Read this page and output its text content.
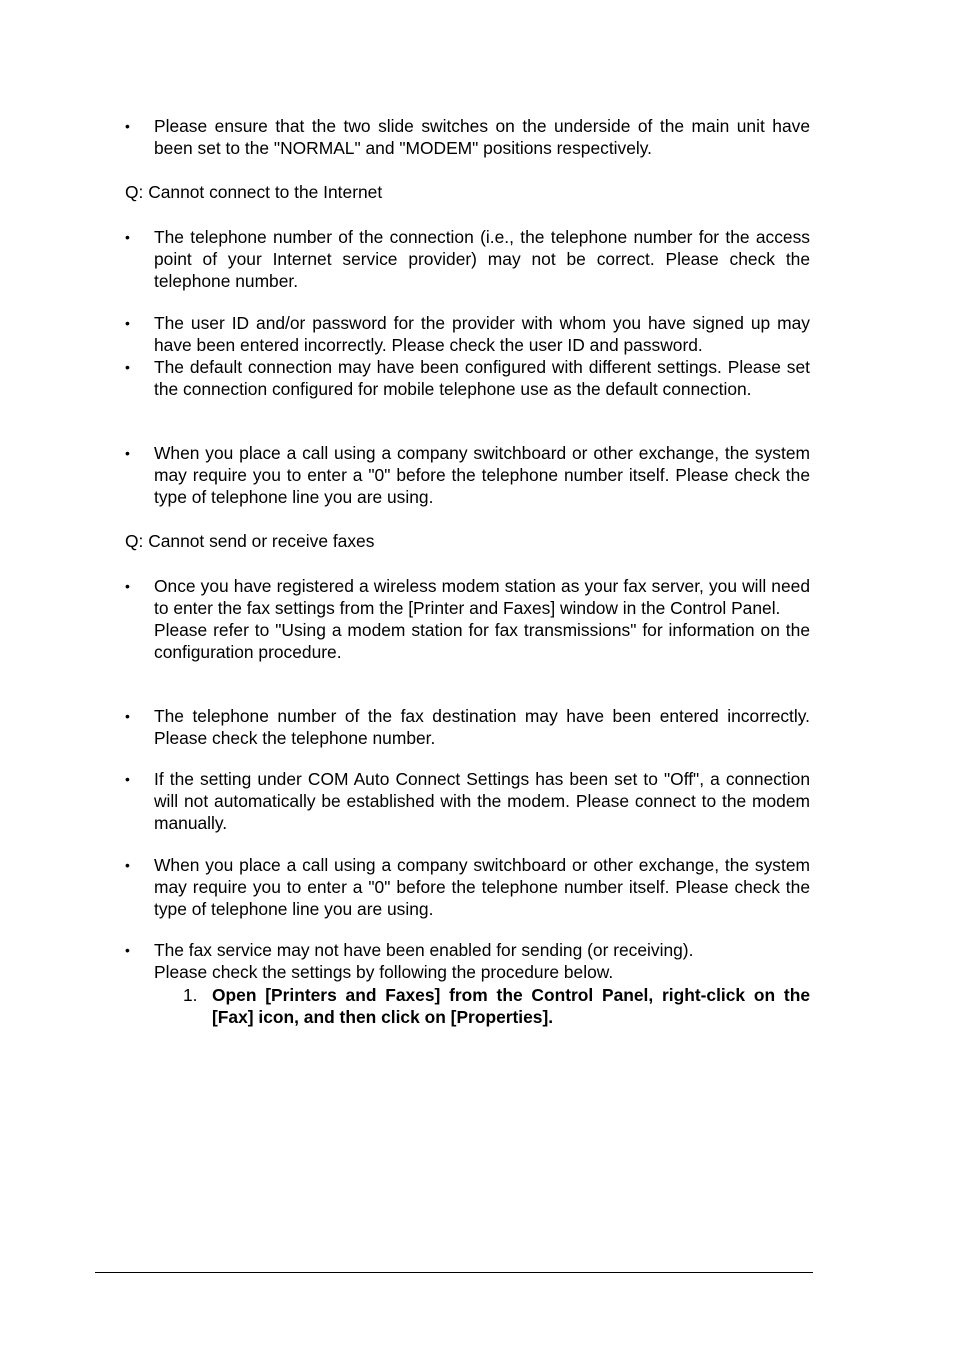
• Please ensure that the two slide switches on the underside of the main unit have been set to the "NORMAL" and "MODEM" positions respectively.

Q: Cannot connect to the Internet
• The telephone number of the connection (i.e., the telephone number for the access point of your Internet service provider) may not be correct. Please check the telephone number.

• The user ID and/or password for the provider with whom you have signed up may have been entered incorrectly. Please check the user ID and password.

• The default connection may have been configured with different settings. Please set the connection configured for mobile telephone use as the default connection.

• When you place a call using a company switchboard or other exchange, the system may require you to enter a "0" before the telephone number itself. Please check the type of telephone line you are using.

Q: Cannot send or receive faxes
• Once you have registered a wireless modem station as your fax server, you will need to enter the fax settings from the [Printer and Faxes] window in the Control Panel.

Please refer to "Using a modem station for fax transmissions" for information on the configuration procedure.

• The telephone number of the fax destination may have been entered incorrectly. Please check the telephone number.

• If the setting under COM Auto Connect Settings has been set to "Off", a connection will not automatically be established with the modem. Please connect to the modem manually.

• When you place a call using a company switchboard or other exchange, the system may require you to enter a "0" before the telephone number itself. Please check the type of telephone line you are using.

• The fax service may not have been enabled for sending (or receiving).

Please check the settings by following the procedure below.

1. Open [Printers and Faxes] from the Control Panel, right-click on the [Fax] icon, and then click on [Properties].
